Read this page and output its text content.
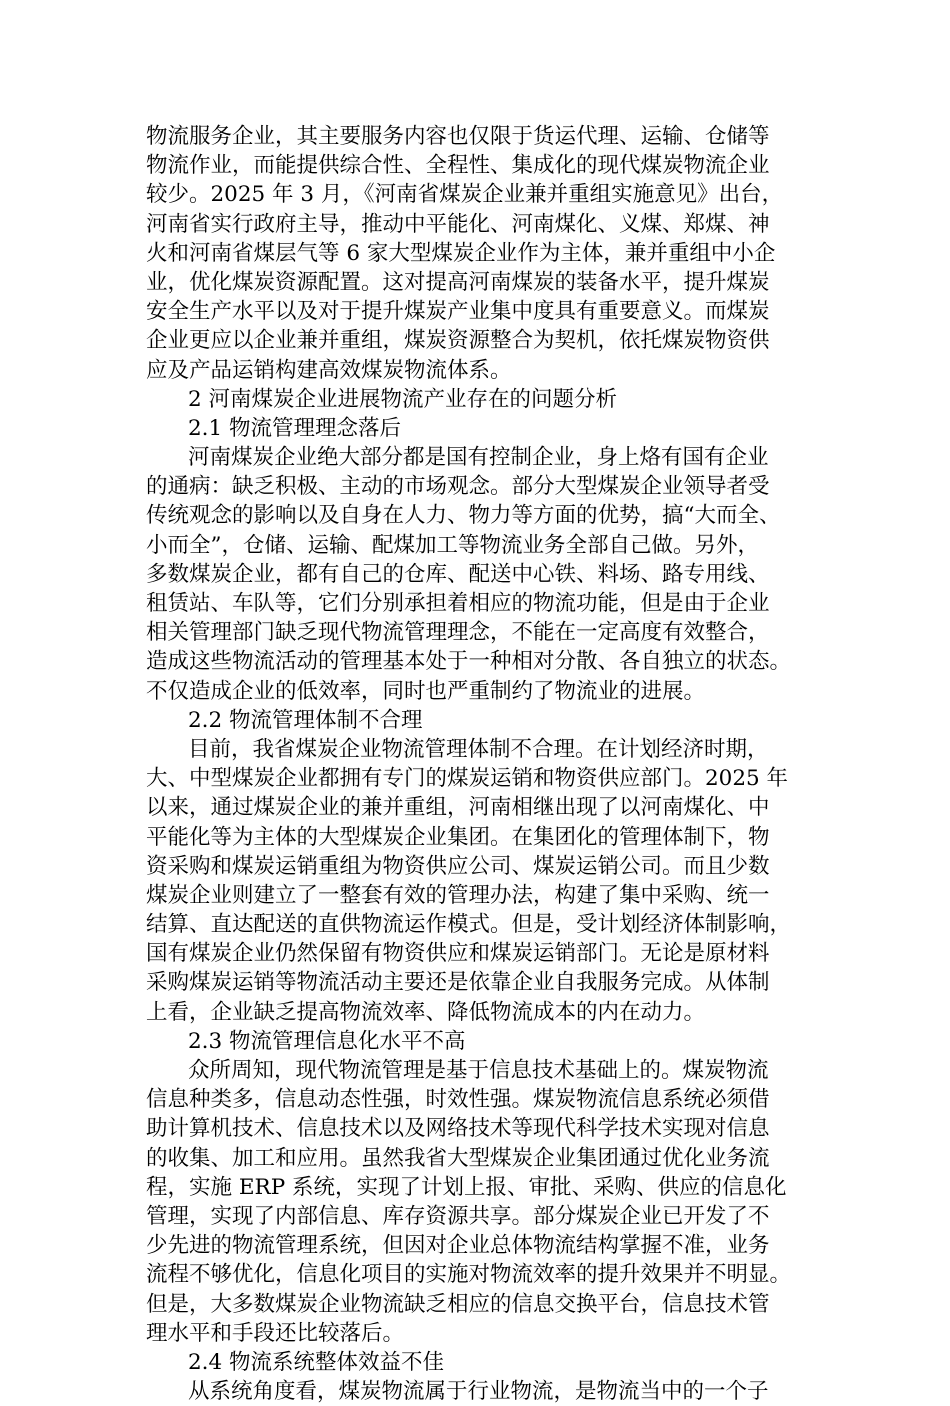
物流服务企业，其主要服务内容也仅限于货运代理、运输、仓储等
物流作业，而能提供综合性、全程性、集成化的现代煤炭物流企业
较少。2025 年 3 月，《河南省煤炭企业兼并重组实施意见》出台，
河南省实行政府主导，推动中平能化、河南煤化、义煤、郑煤、神
火和河南省煤层气等 6 家大型煤炭企业作为主体，兼并重组中小企
业，优化煤炭资源配置。这对提高河南煤炭的装备水平，提升煤炭
安全生产水平以及对于提升煤炭产业集中度具有重要意义。而煤炭
企业更应以企业兼并重组，煤炭资源整合为契机，依托煤炭物资供
应及产品运销构建高效煤炭物流体系。
2 河南煤炭企业进展物流产业存在的问题分析
2.1 物流管理理念落后
河南煤炭企业绝大部分都是国有控制企业，身上烙有国有企业
的通病：缺乏积极、主动的市场观念。部分大型煤炭企业领导者受
传统观念的影响以及自身在人力、物力等方面的优势，搞“大而全、
小而全”，仓储、运输、配煤加工等物流业务全部自己做。另外，
多数煤炭企业，都有自己的仓库、配送中心铁、料场、路专用线、
租赁站、车队等，它们分别承担着相应的物流功能，但是由于企业
相关管理部门缺乏现代物流管理理念，不能在一定高度有效整合，
造成这些物流活动的管理基本处于一种相对分散、各自独立的状态。
不仅造成企业的低效率，同时也严重制约了物流业的进展。
2.2 物流管理体制不合理
目前，我省煤炭企业物流管理体制不合理。在计划经济时期，
大、中型煤炭企业都拥有专门的煤炭运销和物资供应部门。2025 年
以来，通过煤炭企业的兼并重组，河南相继出现了以河南煤化、中
平能化等为主体的大型煤炭企业集团。在集团化的管理体制下，物
资采购和煤炭运销重组为物资供应公司、煤炭运销公司。而且少数
煤炭企业则建立了一整套有效的管理办法，构建了集中采购、统一
结算、直达配送的直供物流运作模式。但是，受计划经济体制影响，
国有煤炭企业仍然保留有物资供应和煤炭运销部门。无论是原材料
采购煤炭运销等物流活动主要还是依靠企业自我服务完成。从体制
上看，企业缺乏提高物流效率、降低物流成本的内在动力。
2.3 物流管理信息化水平不高
众所周知，现代物流管理是基于信息技术基础上的。煤炭物流
信息种类多，信息动态性强，时效性强。煤炭物流信息系统必须借
助计算机技术、信息技术以及网络技术等现代科学技术实现对信息
的收集、加工和应用。虽然我省大型煤炭企业集团通过优化业务流
程，实施 ERP 系统，实现了计划上报、审批、采购、供应的信息化
管理，实现了内部信息、库存资源共享。部分煤炭企业已开发了不
少先进的物流管理系统，但因对企业总体物流结构掌握不准，业务
流程不够优化，信息化项目的实施对物流效率的提升效果并不明显。
但是，大多数煤炭企业物流缺乏相应的信息交换平台，信息技术管
理水平和手段还比较落后。
2.4 物流系统整体效益不佳
从系统角度看，煤炭物流属于行业物流，是物流当中的一个子
